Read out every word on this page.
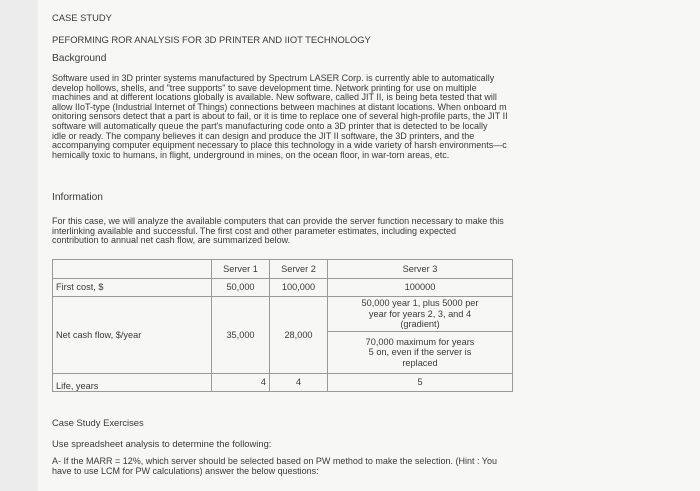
CASE STUDY
PEFORMING ROR ANALYSIS FOR 3D PRINTER AND IIOT TECHNOLOGY
Background
Software used in 3D printer systems manufactured by Spectrum LASER Corp. is currently able to automatically
develop hollows, shells, and "tree supports" to save development time. Network printing for use on multiple
machines and at different locations globally is available. New software, called JIT II, is being beta tested that will
allow IIoT-type (Industrial Internet of Things) connections between machines at distant locations. When onboard m
onitoring sensors detect that a part is about to fail, or it is time to replace one of several high-profile parts, the JIT II
software will automatically queue the part's manufacturing code onto a 3D printer that is detected to be locally
idle or ready. The company believes it can design and produce the JIT II software, the 3D printers, and the
accompanying computer equipment necessary to place this technology in a wide variety of harsh environments—c
hemically toxic to humans, in flight, underground in mines, on the ocean floor, in war-torn areas, etc.
Information
For this case, we will analyze the available computers that can provide the server function necessary to make this
interlinking available and successful. The first cost and other parameter estimates, including expected
contribution to annual net cash flow, are summarized below.
	Server 1	Server 2	Server 3
First cost, $	50,000	100,000	100000
Net cash flow, $/year	35,000	28,000	50,000 year 1, plus 5000 per
year for years 2, 3, and 4
(gradient)

			70,000 maximum for years
5 on, even if the server is
replaced

Life, years	4	4	5
Case Study Exercises
Use spreadsheet analysis to determine the following:
A- If the MARR = 12%, which server should be selected based on PW method to make the selection. (Hint : You
have to use LCM for PW calculations) answer the below questions:
